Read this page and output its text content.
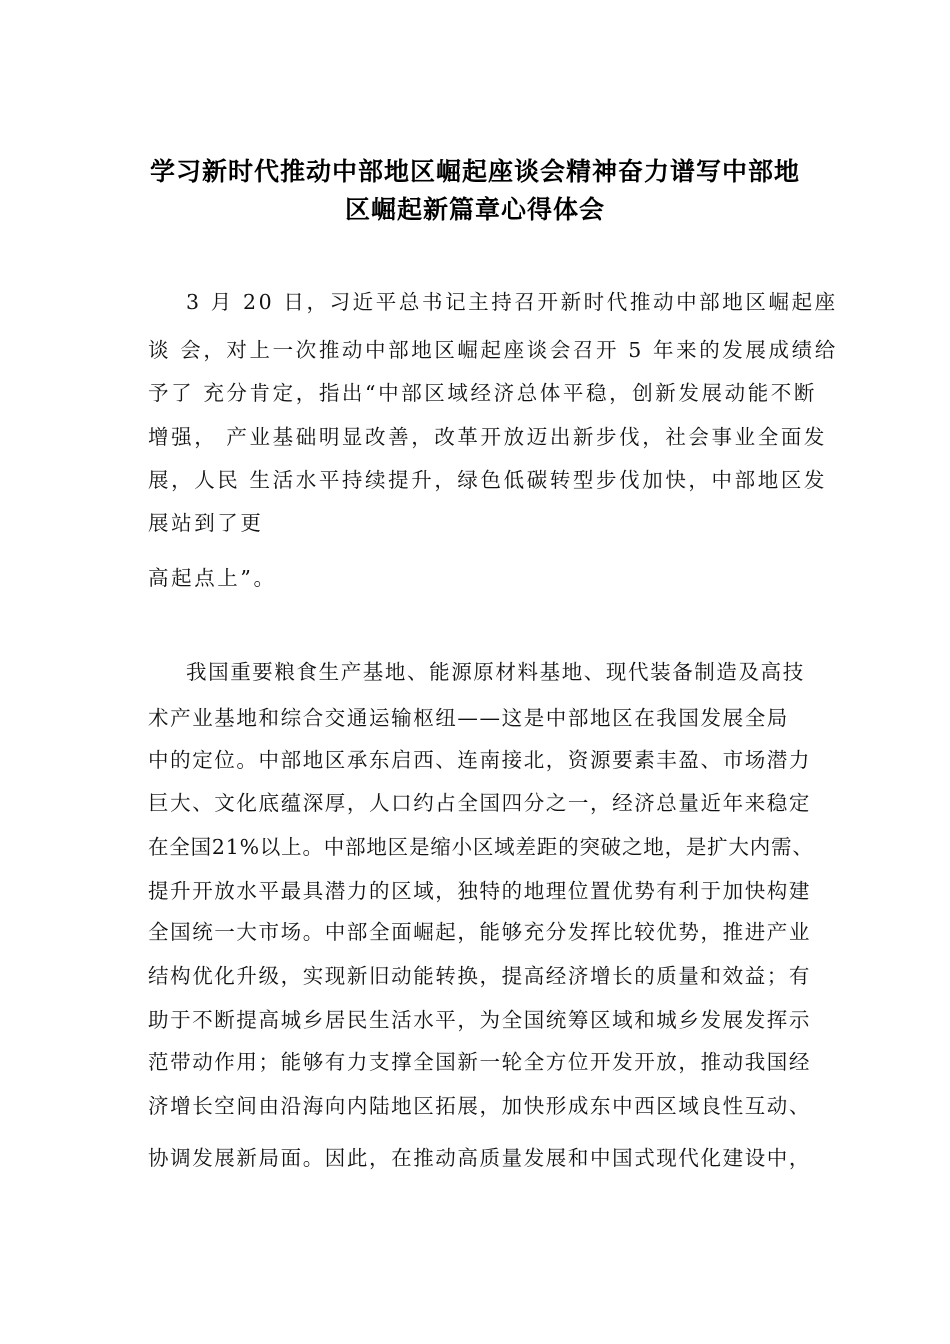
学习新时代推动中部地区崛起座谈会精神奋力谱写中部地
区崛起新篇章心得体会
3 月 20 日，习近平总书记主持召开新时代推动中部地区崛起座
谈 会，对上一次推动中部地区崛起座谈会召开 5 年来的发展成绩给
予了 充分肯定，指出“中部区域经济总体平稳，创新发展动能不断
增强， 产业基础明显改善，改革开放迈出新步伐，社会事业全面发
展，人民 生活水平持续提升，绿色低碳转型步伐加快，中部地区发
展站到了更
高起点上”。
我国重要粮食生产基地、能源原材料基地、现代装备制造及高技
术产业基地和综合交通运输枢纽——这是中部地区在我国发展全局
中的定位。中部地区承东启西、连南接北，资源要素丰盈、市场潜力
巨大、文化底蕴深厚，人口约占全国四分之一，经济总量近年来稳定
在全国21%以上。中部地区是缩小区域差距的突破之地，是扩大内需、
提升开放水平最具潜力的区域，独特的地理位置优势有利于加快构建
全国统一大市场。中部全面崛起，能够充分发挥比较优势，推进产业
结构优化升级，实现新旧动能转换，提高经济增长的质量和效益；有
助于不断提高城乡居民生活水平，为全国统筹区域和城乡发展发挥示
范带动作用；能够有力支撑全国新一轮全方位开发开放，推动我国经
济增长空间由沿海向内陆地区拓展，加快形成东中西区域良性互动、
协调发展新局面。因此，在推动高质量发展和中国式现代化建设中，
